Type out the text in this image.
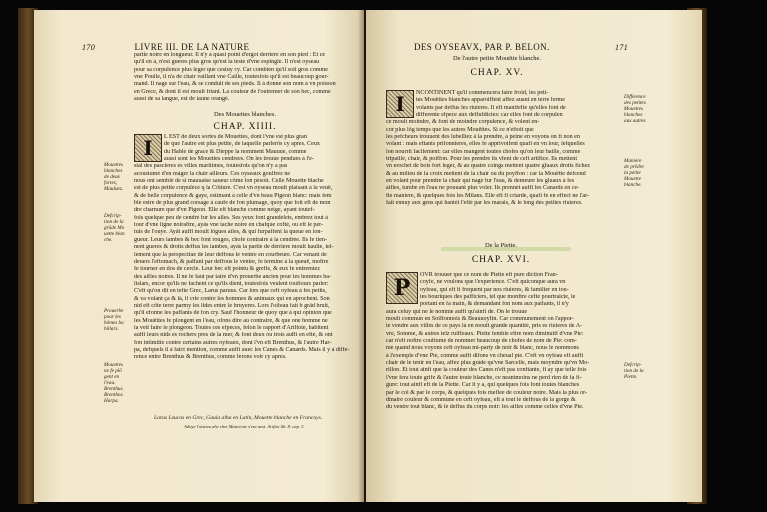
170	LIVRE III. DE LA NATURE
partie noire en longueur. Il n'y à quasi point d'ergot derriere en son pied : Et ce
qu'il en à, n'est gueres plus gros qu'est la teste d'vne espingle. Il n'est oyseau
pour sa corpulence plus leger que cestuy cy. Car combien qu'il soit gros comme
vne Poulle, il n'a de chair vaillant vne Caille, toutesfois qu'il est beaucoup gour-
mand. Il nage sur l'eau, & se conduit de ses pieds. Il à donné son nom à vn poisson
en Grece, & dont il est moult friant. La couleur de l'outremer de son bec, comme
aussi de sa langue, est de iaune orangé.
Des Mouettes blanches.
CHAP. XIIII.
I	L EST de deux sortes de Mouettes, dont l'vne est plus gran
de que l'autre est plus petite, de laquelle parlerõs cy apres. Ceux
du Hable de grace & Dieppe la nomment Mauuue, comme
aussi sont les Mouettes cendrees. On les trouue pendues à l'e-
stal des pascieres es villes maritimes, toutesfois qu'on n'y a pas
acoustumé d'en mãger la chair ailleurs. Ces oyseaux goulfrez ne
nous ont semblé de si mauuaise saueur cõme lon pésoit. Celle Mouette blache
est de plus petite corpulèce q la Cõiture. C'est vn oyseau moult plaisant à la veuë,
& de belle corpulence & gaye, estimant à celle d'vn beau Pigeon blanc: mais fem
ble estre de plus grand corsage à caufe de fon plumage, quoy que foit eft de mon
dre charnure que d'vn Pigeon. Elle eft blanche comme neige, ayant toutef-
fois quelque peu de cendré fur les ailes. Ses yeux font grandelets, embrez tout à
tour d'vne ligne noiraftre, ayãs vne tache noire en chafque cofté, ou eft le per-
tuis de l'ouye. Ayãt auffi moult lõgues ailes, & qui furpaffent la queue en lon-
gueur. Leurs iambes & bec font rouges, chofe contraire à la cendrée. Ils fe tien-
nent gueres & droits deffus les iambes, ayãs la partie de derriere moult haulte, tel-
lement que la perspectiue de leur deffous le ventre en courbeure. Car venant de
deuers l'eftomach, & paffant par deffous le ventre, fe termine à la queuë, moftre
fe tourner en dos de cercle. Leur bec eft pointu & grefle, & eux fe entremiez
des aifles noires. Il ne fe faut par taire d'vn prouerbe ancien pour les hommes ba-
lislars, encor qu'ils ne fachent ce qu'ils dient, toutesfois veulent toufiours parler:
C'eft qu'on dit en tefte Grec, Larus paruus. Car lors que ceft oyfeau à fes petits,
& va volant ça & là, il crie contre les hommes & animaux qui en aprochent. Son
nid eft cõte terre parmy les lides entre le bruyeres. Lors l'oifeau fait b grãd bruit,
qu'il efonne les paffants de fon cry. Sauf l'honneur de quoy que à qui opinion que
les Mouëttes fe plongent en l'eau, ofons dire au contraire, & que one homme ne
la veit faire le plongeon. Toutes ces efpeces, felon le rapport d'Ariftote, habitent
auffi leurs nids es rochers pres de la mer, & font deux ou trois auffi en efté, & ont
fon intimitie contre certains autres oyfeaux, dont l'vn eft Brenthus, & l'autre Har-
pa, defquels il à faict mention, comme auffi auec les Canes & Canards. Mais il y à diffe-
rence entre Brenthus & Brenthus, comme ferons voir cy apres.
Mouettes
blanches
de deux
fortes,
Mauluez.
Defcrip-
tion de la
grãde Mo
uette blan
che.
Prouerbe
pour les
hômes ba
billars.
Mouettes
ne fe plõ
gent en
l'eau.
Brenthus.
Brenthos.
Harpa.
Larus Leucos en Grec, Gauia alba en Latin, Mouette blanche en Francoys.
Adoye l'oiseau ahe chet Maucrene s'ent aest. Ariftot lib. 8. cap. 3.
DES OYSEAVX, PAR P. BELON.	171
De l'autre petite Mouëtte blanche.
CHAP. XV.
I	NCONTINENT qu'il commencera faire froid, les peti-
tes Mouëttes blanches apparoiffent affez auant en terre ferme
volants par deffus les riuieres. Il eft manifefte qu'elles font de
differente efpece aux deffufdictes: car elles font de corpulen
ce moult moindre, & font de moindre corpulence, & volent en-
cor plus lõg temps que les autres Mouëttes. Si ce n'eftoit que
les pefcheurs trouuent des lubelliez à la prendre, à peine en voyons on fi non en
volant : mais eftants prifonnieres, elles fe apprivoifent quafi en vn iour, lefquelles
lon nourrit facilement: car elles mangent toutes chofes qu'on leur baille, comme
tripaille, chair, & poiffon. Pour les prendre ils vfent de ceft artifice. Ils mettent
vn erochet de bois fort leger, & au quatre coings mettent quatre gluaux droits fichez
& au milieu de la croix mettent de la chair ou du poyffon : car la Mouëtte defcend
en volant pour prendre la chair qui nage fur l'eau, & demeure les gluaux à fes
aifles, tumbe en l'eau ne pouuant plus voler. Ils prennét auffi les Canards en ce-
fte maniere, & quelques fois les Milans. Elle eft fi criarde, quafi fe en effect ne l'ar-
fait ennuy aux gens qui hantét l'efté par les marais, & le long des petites riuieres.
Difference
des petites
Mouettes
blanches
aux autres
Maniere
de prêdre
la petite
Mouette
blanche.
De la Piette.
CHAP. XVI.
P	OVR trouuer que ce nom de Piette eft pure diction Fran-
coyfe, ne voulons que l'experience. C'eft quiconque aura vn
oyfeau, qui eft fi frequent par nos riuieres, & familier en tou-
tes bouriques des pafficiers, tel que monftre cefte pourtraicte, le
portant en fa main, & demandant fon nom aux paifants, il n'y
aura celuy qui ne le nomme auffi qu'ainfi de. On le trouue
moult commun en Soiffonnois & Beauuoyfin. Car communement on l'appor-
te vendre aux villes de ce pays là en moult grande quantité, pris es riuieres de A-
vre, Somme, & autres telz ruiffeaux. Piette femble eftre nom diminutif d'vne Pie:
car n'eft noftre couftume de nommer beaucoup de chofes de nom de Pie: com-
me quand nous voyons ceft oyfeau mi-party de noir & blanc, nous le nommons
à l'exemple d'vne Pie, comme auffi difons vn cheual pie. C'eft vn oyfeau eft auffi
chair de le tenir en l'eau, affez plus gráde qu'vne Sarcelle, mais moyndre qu'vn Mo-
rillon. Et tout ainfi que la couleur des Canes n'eft pas conftante, fi ay que telle fois
l'vne fera toute grife & l'autre toute blanche, ce neantmoins ne perd rien de fa fi-
gure: tout ainfi eft de la Piette. Car il y a, qui quelques fois font toutes blanches
par le col & par le corps, & quelques fois meflee de couleur noire. Mais la plus or-
dinaire couleur & commune en ceft oyfeau, eft à tout le deffous de la gorge &
du ventre tout blanc, & le deffus du corps noir: les aifles comme celles d'vne Pie.
Defcrip-
tion de la
Piette.
